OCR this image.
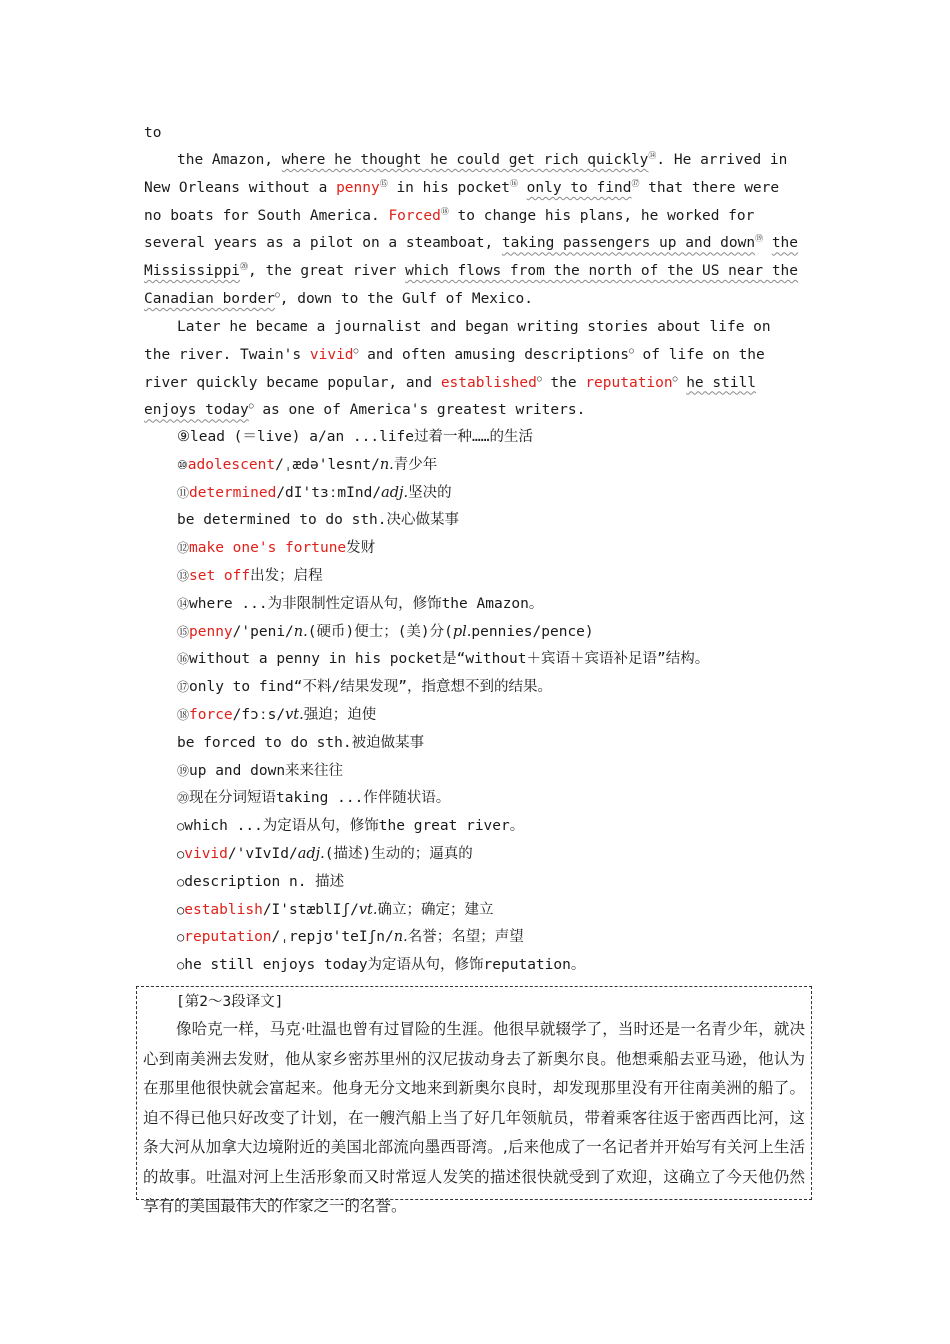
to

the Amazon, where he thought he could get rich quickly⑭. He arrived in New Orleans without a penny⑮ in his pocket⑯ only to find⑰ that there were no boats for South America. Forced⑱ to change his plans, he worked for several years as a pilot on a steamboat, taking passengers up and down⑲ the Mississippi⑳, the great river which flows from the north of the US near the Canadian border○, down to the Gulf of Mexico.

Later he became a journalist and began writing stories about life on the river. Twain's vivid○ and often amusing descriptions○ of life on the river quickly became popular, and established○ the reputation○ he still enjoys today○ as one of America's greatest writers.

⑨lead (＝live) a/an ...life过着一种……的生活
⑩adolescent/ˌædə'lesnt/n.青少年
⑪determined/dI'tɜːmInd/adj.坚决的
be determined to do sth.决心做某事
⑫make one's fortune发财
⑬set off出发；启程
⑭where ...为非限制性定语从句，修饰the Amazon。
⑮penny/'peni/n.(硬币)便士；(美)分(pl.pennies/pence)
⑯without a penny in his pocket是“without＋宾语＋宾语补足语”结构。
⑰only to find“不料/结果发现”，指意想不到的结果。
⑱force/fɔːs/vt.强迫；迫使
be forced to do sth.被迫做某事
⑲up and down来来往往
⑳现在分词短语taking ...作伴随状语。
○which ...为定语从句，修饰the great river。
○vivid/'vIvId/adj.(描述)生动的；逼真的
○description n. 描述
○establish/I'stæblIʃ/vt.确立；确定；建立
○reputation/ˌrepjʊ'teIʃn/n.名誉；名望；声望
○he still enjoys today为定语从句，修饰reputation。
[第2～3段译文]

像哈克一样，马克·吐温也曾有过冒险的生涯。他很早就辍学了，当时还是一名青少年，就决心到南美洲去发财，他从家乡密苏里州的汉尼拔动身去了新奥尔良。他想乘船去亚马逊，他认为在那里他很快就会富起来。他身无分文地来到新奥尔良时，却发现那里没有开往南美洲的船了。迫不得已他只好改变了计划，在一艘汽船上当了好几年领航员，带着乘客往返于密西西比河，这条大河从加拿大边境附近的美国北部流向墨西哥湾。,后来他成了一名记者并开始写有关河上生活的故事。吐温对河上生活形象而又时常逗人发笑的描述很快就受到了欢迎，这确立了今天他仍然享有的美国最伟大的作家之一的名誉。
